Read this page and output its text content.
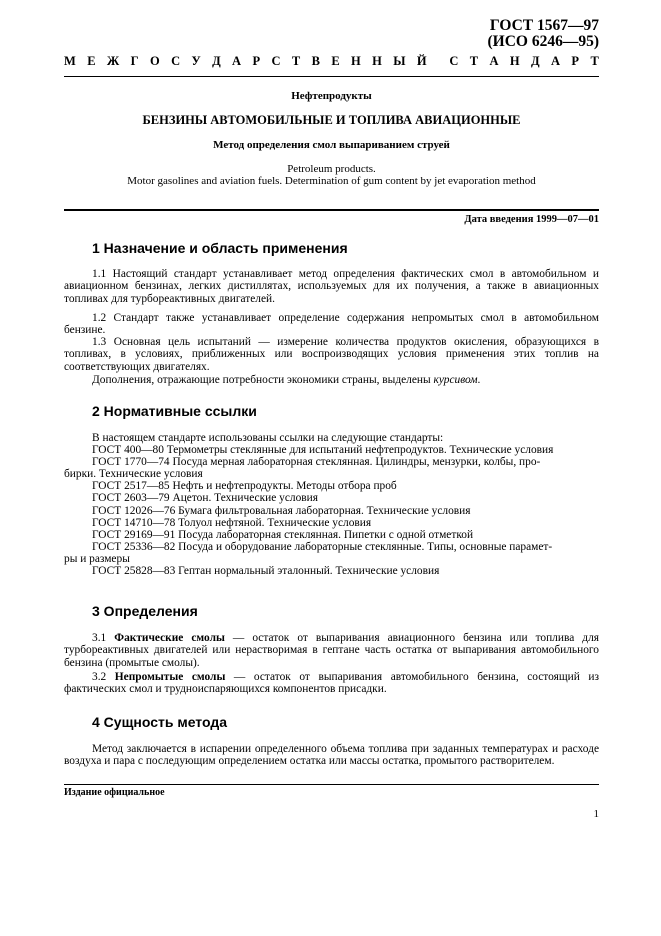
ГОСТ 1567—97
(ИСО 6246—95)
М Е Ж Г О С У Д А Р С Т В Е Н Н Ы Й С Т А Н Д А Р Т
Нефтепродукты
БЕНЗИНЫ АВТОМОБИЛЬНЫЕ И ТОПЛИВА АВИАЦИОННЫЕ
Метод определения смол выпариванием струей
Petroleum products.
Motor gasolines and aviation fuels. Determination of gum content by jet evaporation method
Дата введения 1999—07—01
1 Назначение и область применения
1.1 Настоящий стандарт устанавливает метод определения фактических смол в автомобильном и авиационном бензинах, легких дистиллятах, используемых для их получения, а также в авиационных топливах для турбореактивных двигателей.
1.2 Стандарт также устанавливает определение содержания непромытых смол в автомобильном бензине.
1.3 Основная цель испытаний — измерение количества продуктов окисления, образующихся в топливах, в условиях, приближенных или воспроизводящих условия применения этих топлив на соответствующих двигателях.
Дополнения, отражающие потребности экономики страны, выделены курсивом.
2 Нормативные ссылки
В настоящем стандарте использованы ссылки на следующие стандарты:
ГОСТ 400—80 Термометры стеклянные для испытаний нефтепродуктов. Технические условия
ГОСТ 1770—74 Посуда мерная лабораторная стеклянная. Цилиндры, мензурки, колбы, про-
бирки. Технические условия
ГОСТ 2517—85 Нефть и нефтепродукты. Методы отбора проб
ГОСТ 2603—79 Ацетон. Технические условия
ГОСТ 12026—76 Бумага фильтровальная лабораторная. Технические условия
ГОСТ 14710—78 Толуол нефтяной. Технические условия
ГОСТ 29169—91 Посуда лабораторная стеклянная. Пипетки с одной отметкой
ГОСТ 25336—82 Посуда и оборудование лабораторные стеклянные. Типы, основные парамет-
ры и размеры
ГОСТ 25828—83 Гептан нормальный эталонный. Технические условия
3 Определения
3.1 Фактические смолы — остаток от выпаривания авиационного бензина или топлива для турбореактивных двигателей или нерастворимая в гептане часть остатка от выпаривания автомобильного бензина (промытые смолы).
3.2 Непромытые смолы — остаток от выпаривания автомобильного бензина, состоящий из фактических смол и трудноиспаряющихся компонентов присадки.
4 Сущность метода
Метод заключается в испарении определенного объема топлива при заданных температурах и расходе воздуха и пара с последующим определением остатка или массы остатка, промытого растворителем.
Издание официальное
1
